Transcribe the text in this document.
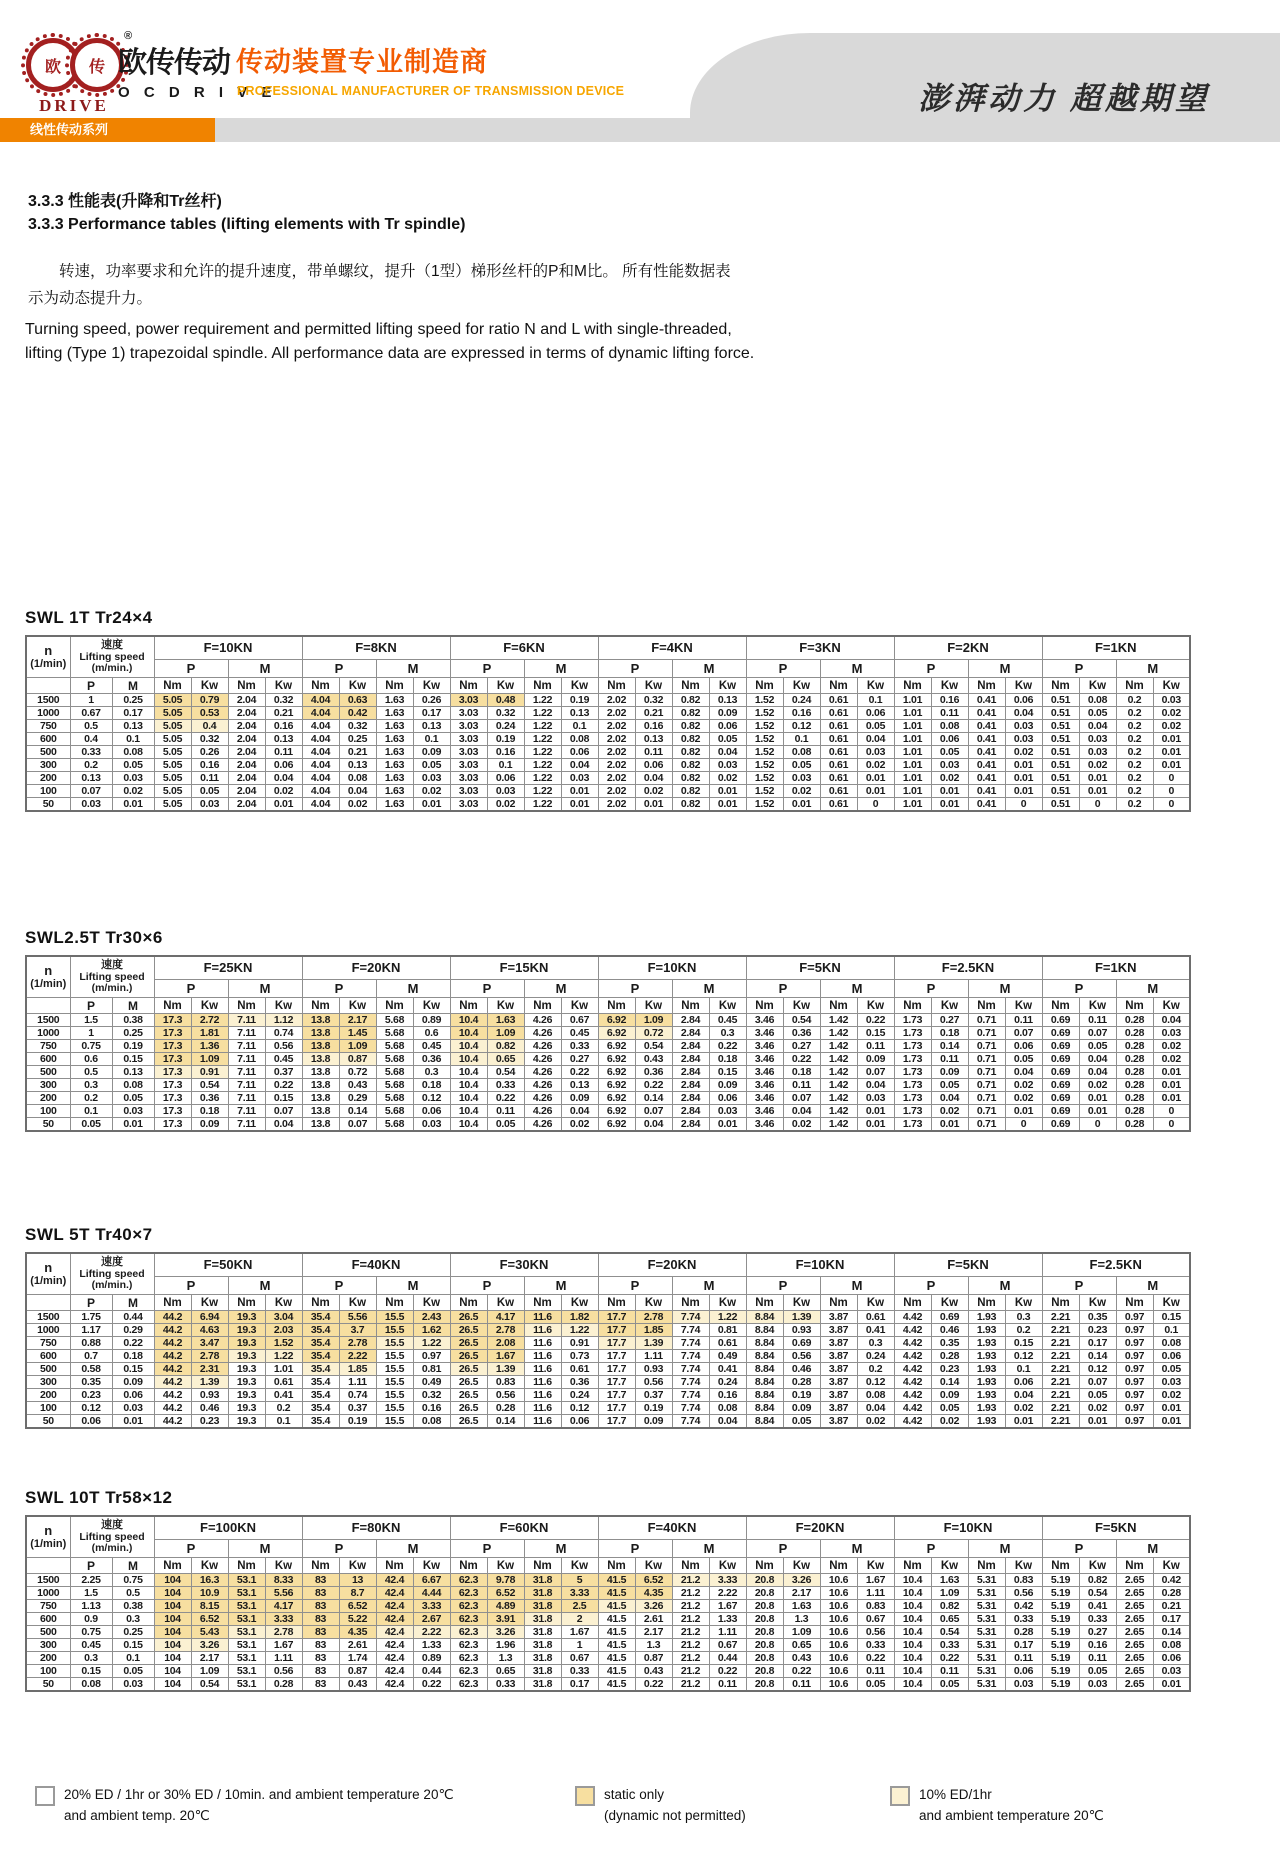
欧 传
®
DRIVE
欧传传动
O C D R I V E
传动装置专业制造商
PROFESSIONAL MANUFACTURER OF TRANSMISSION DEVICE	澎湃动力 超越期望
线性传动系列
3.3.3 性能表(升降和Tr丝杆)
3.3.3 Performance tables (lifting elements with Tr spindle)
转速，功率要求和允许的提升速度，带单螺纹，提升（1型）梯形丝杆的P和M比。 所有性能数据表示为动态提升力。
Turning speed, power requirement and permitted lifting speed for ratio N and L with single-threaded, lifting (Type 1) trapezoidal spindle. All performance data are expressed in terms of dynamic lifting force.
SWL 1T Tr24×4
n
(1/min)

速度
Lifting speed
(m/min.)
	F=10KN	F=8KN	F=6KN	F=4KN	F=3KN	F=2KN	F=1KN
			P		M		P		M		P		M		P		M		P		M		P		M		P		M	
	P	M	Nm	Kw	Nm	Kw	Nm	Kw	Nm	Kw	Nm	Kw	Nm	Kw	Nm	Kw	Nm	Kw	Nm	Kw	Nm	Kw	Nm	Kw	Nm	Kw	Nm	Kw	Nm	Kw
1500	1	0.25	5.05	0.79	2.04	0.32	4.04	0.63	1.63	0.26	3.03	0.48	1.22	0.19	2.02	0.32	0.82	0.13	1.52	0.24	0.61	0.1	1.01	0.16	0.41	0.06	0.51	0.08	0.2	0.03
1000	0.67	0.17	5.05	0.53	2.04	0.21	4.04	0.42	1.63	0.17	3.03	0.32	1.22	0.13	2.02	0.21	0.82	0.09	1.52	0.16	0.61	0.06	1.01	0.11	0.41	0.04	0.51	0.05	0.2	0.02
750	0.5	0.13	5.05	0.4	2.04	0.16	4.04	0.32	1.63	0.13	3.03	0.24	1.22	0.1	2.02	0.16	0.82	0.06	1.52	0.12	0.61	0.05	1.01	0.08	0.41	0.03	0.51	0.04	0.2	0.02
600	0.4	0.1	5.05	0.32	2.04	0.13	4.04	0.25	1.63	0.1	3.03	0.19	1.22	0.08	2.02	0.13	0.82	0.05	1.52	0.1	0.61	0.04	1.01	0.06	0.41	0.03	0.51	0.03	0.2	0.01
500	0.33	0.08	5.05	0.26	2.04	0.11	4.04	0.21	1.63	0.09	3.03	0.16	1.22	0.06	2.02	0.11	0.82	0.04	1.52	0.08	0.61	0.03	1.01	0.05	0.41	0.02	0.51	0.03	0.2	0.01
300	0.2	0.05	5.05	0.16	2.04	0.06	4.04	0.13	1.63	0.05	3.03	0.1	1.22	0.04	2.02	0.06	0.82	0.03	1.52	0.05	0.61	0.02	1.01	0.03	0.41	0.01	0.51	0.02	0.2	0.01
200	0.13	0.03	5.05	0.11	2.04	0.04	4.04	0.08	1.63	0.03	3.03	0.06	1.22	0.03	2.02	0.04	0.82	0.02	1.52	0.03	0.61	0.01	1.01	0.02	0.41	0.01	0.51	0.01	0.2	0
100	0.07	0.02	5.05	0.05	2.04	0.02	4.04	0.04	1.63	0.02	3.03	0.03	1.22	0.01	2.02	0.02	0.82	0.01	1.52	0.02	0.61	0.01	1.01	0.01	0.41	0.01	0.51	0.01	0.2	0
50	0.03	0.01	5.05	0.03	2.04	0.01	4.04	0.02	1.63	0.01	3.03	0.02	1.22	0.01	2.02	0.01	0.82	0.01	1.52	0.01	0.61	0	1.01	0.01	0.41	0	0.51	0	0.2	0
SWL2.5T Tr30×6
n
(1/min)

速度
Lifting speed
(m/min.)
	F=25KN	F=20KN	F=15KN	F=10KN	F=5KN	F=2.5KN	F=1KN
			P		M		P		M		P		M		P		M		P		M		P		M		P		M	
	P	M	Nm	Kw	Nm	Kw	Nm	Kw	Nm	Kw	Nm	Kw	Nm	Kw	Nm	Kw	Nm	Kw	Nm	Kw	Nm	Kw	Nm	Kw	Nm	Kw	Nm	Kw	Nm	Kw
1500	1.5	0.38	17.3	2.72	7.11	1.12	13.8	2.17	5.68	0.89	10.4	1.63	4.26	0.67	6.92	1.09	2.84	0.45	3.46	0.54	1.42	0.22	1.73	0.27	0.71	0.11	0.69	0.11	0.28	0.04
1000	1	0.25	17.3	1.81	7.11	0.74	13.8	1.45	5.68	0.6	10.4	1.09	4.26	0.45	6.92	0.72	2.84	0.3	3.46	0.36	1.42	0.15	1.73	0.18	0.71	0.07	0.69	0.07	0.28	0.03
750	0.75	0.19	17.3	1.36	7.11	0.56	13.8	1.09	5.68	0.45	10.4	0.82	4.26	0.33	6.92	0.54	2.84	0.22	3.46	0.27	1.42	0.11	1.73	0.14	0.71	0.06	0.69	0.05	0.28	0.02
600	0.6	0.15	17.3	1.09	7.11	0.45	13.8	0.87	5.68	0.36	10.4	0.65	4.26	0.27	6.92	0.43	2.84	0.18	3.46	0.22	1.42	0.09	1.73	0.11	0.71	0.05	0.69	0.04	0.28	0.02
500	0.5	0.13	17.3	0.91	7.11	0.37	13.8	0.72	5.68	0.3	10.4	0.54	4.26	0.22	6.92	0.36	2.84	0.15	3.46	0.18	1.42	0.07	1.73	0.09	0.71	0.04	0.69	0.04	0.28	0.01
300	0.3	0.08	17.3	0.54	7.11	0.22	13.8	0.43	5.68	0.18	10.4	0.33	4.26	0.13	6.92	0.22	2.84	0.09	3.46	0.11	1.42	0.04	1.73	0.05	0.71	0.02	0.69	0.02	0.28	0.01
200	0.2	0.05	17.3	0.36	7.11	0.15	13.8	0.29	5.68	0.12	10.4	0.22	4.26	0.09	6.92	0.14	2.84	0.06	3.46	0.07	1.42	0.03	1.73	0.04	0.71	0.02	0.69	0.01	0.28	0.01
100	0.1	0.03	17.3	0.18	7.11	0.07	13.8	0.14	5.68	0.06	10.4	0.11	4.26	0.04	6.92	0.07	2.84	0.03	3.46	0.04	1.42	0.01	1.73	0.02	0.71	0.01	0.69	0.01	0.28	0
50	0.05	0.01	17.3	0.09	7.11	0.04	13.8	0.07	5.68	0.03	10.4	0.05	4.26	0.02	6.92	0.04	2.84	0.01	3.46	0.02	1.42	0.01	1.73	0.01	0.71	0	0.69	0	0.28	0
SWL 5T Tr40×7
n
(1/min)

速度
Lifting speed
(m/min.)
	F=50KN	F=40KN	F=30KN	F=20KN	F=10KN	F=5KN	F=2.5KN
			P		M		P		M		P		M		P		M		P		M		P		M		P		M	
	P	M	Nm	Kw	Nm	Kw	Nm	Kw	Nm	Kw	Nm	Kw	Nm	Kw	Nm	Kw	Nm	Kw	Nm	Kw	Nm	Kw	Nm	Kw	Nm	Kw	Nm	Kw	Nm	Kw
1500	1.75	0.44	44.2	6.94	19.3	3.04	35.4	5.56	15.5	2.43	26.5	4.17	11.6	1.82	17.7	2.78	7.74	1.22	8.84	1.39	3.87	0.61	4.42	0.69	1.93	0.3	2.21	0.35	0.97	0.15
1000	1.17	0.29	44.2	4.63	19.3	2.03	35.4	3.7	15.5	1.62	26.5	2.78	11.6	1.22	17.7	1.85	7.74	0.81	8.84	0.93	3.87	0.41	4.42	0.46	1.93	0.2	2.21	0.23	0.97	0.1
750	0.88	0.22	44.2	3.47	19.3	1.52	35.4	2.78	15.5	1.22	26.5	2.08	11.6	0.91	17.7	1.39	7.74	0.61	8.84	0.69	3.87	0.3	4.42	0.35	1.93	0.15	2.21	0.17	0.97	0.08
600	0.7	0.18	44.2	2.78	19.3	1.22	35.4	2.22	15.5	0.97	26.5	1.67	11.6	0.73	17.7	1.11	7.74	0.49	8.84	0.56	3.87	0.24	4.42	0.28	1.93	0.12	2.21	0.14	0.97	0.06
500	0.58	0.15	44.2	2.31	19.3	1.01	35.4	1.85	15.5	0.81	26.5	1.39	11.6	0.61	17.7	0.93	7.74	0.41	8.84	0.46	3.87	0.2	4.42	0.23	1.93	0.1	2.21	0.12	0.97	0.05
300	0.35	0.09	44.2	1.39	19.3	0.61	35.4	1.11	15.5	0.49	26.5	0.83	11.6	0.36	17.7	0.56	7.74	0.24	8.84	0.28	3.87	0.12	4.42	0.14	1.93	0.06	2.21	0.07	0.97	0.03
200	0.23	0.06	44.2	0.93	19.3	0.41	35.4	0.74	15.5	0.32	26.5	0.56	11.6	0.24	17.7	0.37	7.74	0.16	8.84	0.19	3.87	0.08	4.42	0.09	1.93	0.04	2.21	0.05	0.97	0.02
100	0.12	0.03	44.2	0.46	19.3	0.2	35.4	0.37	15.5	0.16	26.5	0.28	11.6	0.12	17.7	0.19	7.74	0.08	8.84	0.09	3.87	0.04	4.42	0.05	1.93	0.02	2.21	0.02	0.97	0.01
50	0.06	0.01	44.2	0.23	19.3	0.1	35.4	0.19	15.5	0.08	26.5	0.14	11.6	0.06	17.7	0.09	7.74	0.04	8.84	0.05	3.87	0.02	4.42	0.02	1.93	0.01	2.21	0.01	0.97	0.01
SWL 10T Tr58×12
n
(1/min)

速度
Lifting speed
(m/min.)
	F=100KN	F=80KN	F=60KN	F=40KN	F=20KN	F=10KN	F=5KN
			P		M		P		M		P		M		P		M		P		M		P		M		P		M	
	P	M	Nm	Kw	Nm	Kw	Nm	Kw	Nm	Kw	Nm	Kw	Nm	Kw	Nm	Kw	Nm	Kw	Nm	Kw	Nm	Kw	Nm	Kw	Nm	Kw	Nm	Kw	Nm	Kw
1500	2.25	0.75	104	16.3	53.1	8.33	83	13	42.4	6.67	62.3	9.78	31.8	5	41.5	6.52	21.2	3.33	20.8	3.26	10.6	1.67	10.4	1.63	5.31	0.83	5.19	0.82	2.65	0.42
1000	1.5	0.5	104	10.9	53.1	5.56	83	8.7	42.4	4.44	62.3	6.52	31.8	3.33	41.5	4.35	21.2	2.22	20.8	2.17	10.6	1.11	10.4	1.09	5.31	0.56	5.19	0.54	2.65	0.28
750	1.13	0.38	104	8.15	53.1	4.17	83	6.52	42.4	3.33	62.3	4.89	31.8	2.5	41.5	3.26	21.2	1.67	20.8	1.63	10.6	0.83	10.4	0.82	5.31	0.42	5.19	0.41	2.65	0.21
600	0.9	0.3	104	6.52	53.1	3.33	83	5.22	42.4	2.67	62.3	3.91	31.8	2	41.5	2.61	21.2	1.33	20.8	1.3	10.6	0.67	10.4	0.65	5.31	0.33	5.19	0.33	2.65	0.17
500	0.75	0.25	104	5.43	53.1	2.78	83	4.35	42.4	2.22	62.3	3.26	31.8	1.67	41.5	2.17	21.2	1.11	20.8	1.09	10.6	0.56	10.4	0.54	5.31	0.28	5.19	0.27	2.65	0.14
300	0.45	0.15	104	3.26	53.1	1.67	83	2.61	42.4	1.33	62.3	1.96	31.8	1	41.5	1.3	21.2	0.67	20.8	0.65	10.6	0.33	10.4	0.33	5.31	0.17	5.19	0.16	2.65	0.08
200	0.3	0.1	104	2.17	53.1	1.11	83	1.74	42.4	0.89	62.3	1.3	31.8	0.67	41.5	0.87	21.2	0.44	20.8	0.43	10.6	0.22	10.4	0.22	5.31	0.11	5.19	0.11	2.65	0.06
100	0.15	0.05	104	1.09	53.1	0.56	83	0.87	42.4	0.44	62.3	0.65	31.8	0.33	41.5	0.43	21.2	0.22	20.8	0.22	10.6	0.11	10.4	0.11	5.31	0.06	5.19	0.05	2.65	0.03
50	0.08	0.03	104	0.54	53.1	0.28	83	0.43	42.4	0.22	62.3	0.33	31.8	0.17	41.5	0.22	21.2	0.11	20.8	0.11	10.6	0.05	10.4	0.05	5.31	0.03	5.19	0.03	2.65	0.01
20% ED / 1hr or 30% ED / 10min. and ambient temperature 20℃
and ambient temp. 20℃
static only
(dynamic not permitted)
10% ED/1hr
and ambient temperature 20℃
